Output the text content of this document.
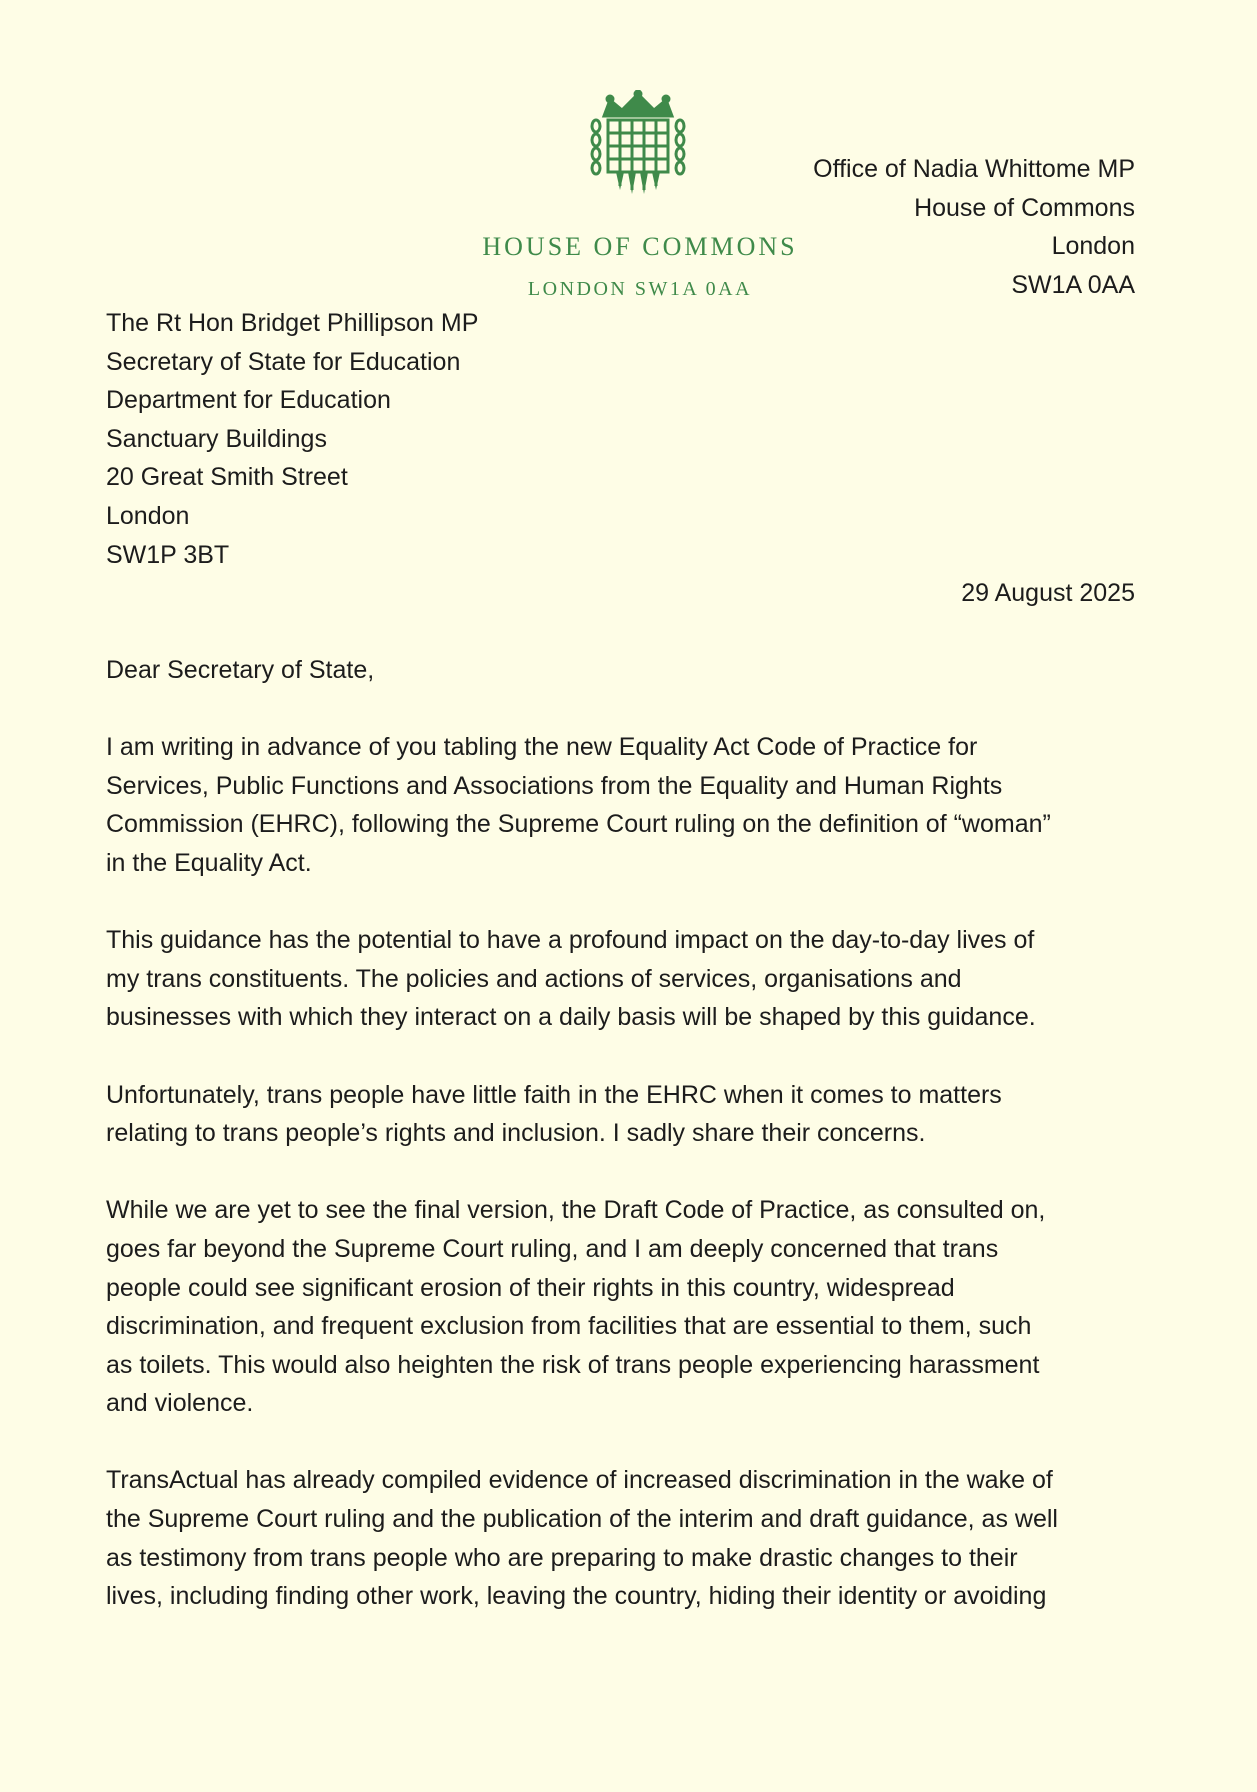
HOUSE OF COMMONS
LONDON SW1A 0AA
Office of Nadia Whittome MP
House of Commons
London
SW1A 0AA
The Rt Hon Bridget Phillipson MP
Secretary of State for Education
Department for Education
Sanctuary Buildings
20 Great Smith Street
London
SW1P 3BT
29 August 2025

Dear Secretary of State,

I am writing in advance of you tabling the new Equality Act Code of Practice for
Services, Public Functions and Associations from the Equality and Human Rights
Commission (EHRC), following the Supreme Court ruling on the definition of “woman”
in the Equality Act.

This guidance has the potential to have a profound impact on the day-to-day lives of
my trans constituents. The policies and actions of services, organisations and
businesses with which they interact on a daily basis will be shaped by this guidance.

Unfortunately, trans people have little faith in the EHRC when it comes to matters
relating to trans people’s rights and inclusion. I sadly share their concerns.

While we are yet to see the final version, the Draft Code of Practice, as consulted on,
goes far beyond the Supreme Court ruling, and I am deeply concerned that trans
people could see significant erosion of their rights in this country, widespread
discrimination, and frequent exclusion from facilities that are essential to them, such
as toilets. This would also heighten the risk of trans people experiencing harassment
and violence.

TransActual has already compiled evidence of increased discrimination in the wake of
the Supreme Court ruling and the publication of the interim and draft guidance, as well
as testimony from trans people who are preparing to make drastic changes to their
lives, including finding other work, leaving the country, hiding their identity or avoiding
